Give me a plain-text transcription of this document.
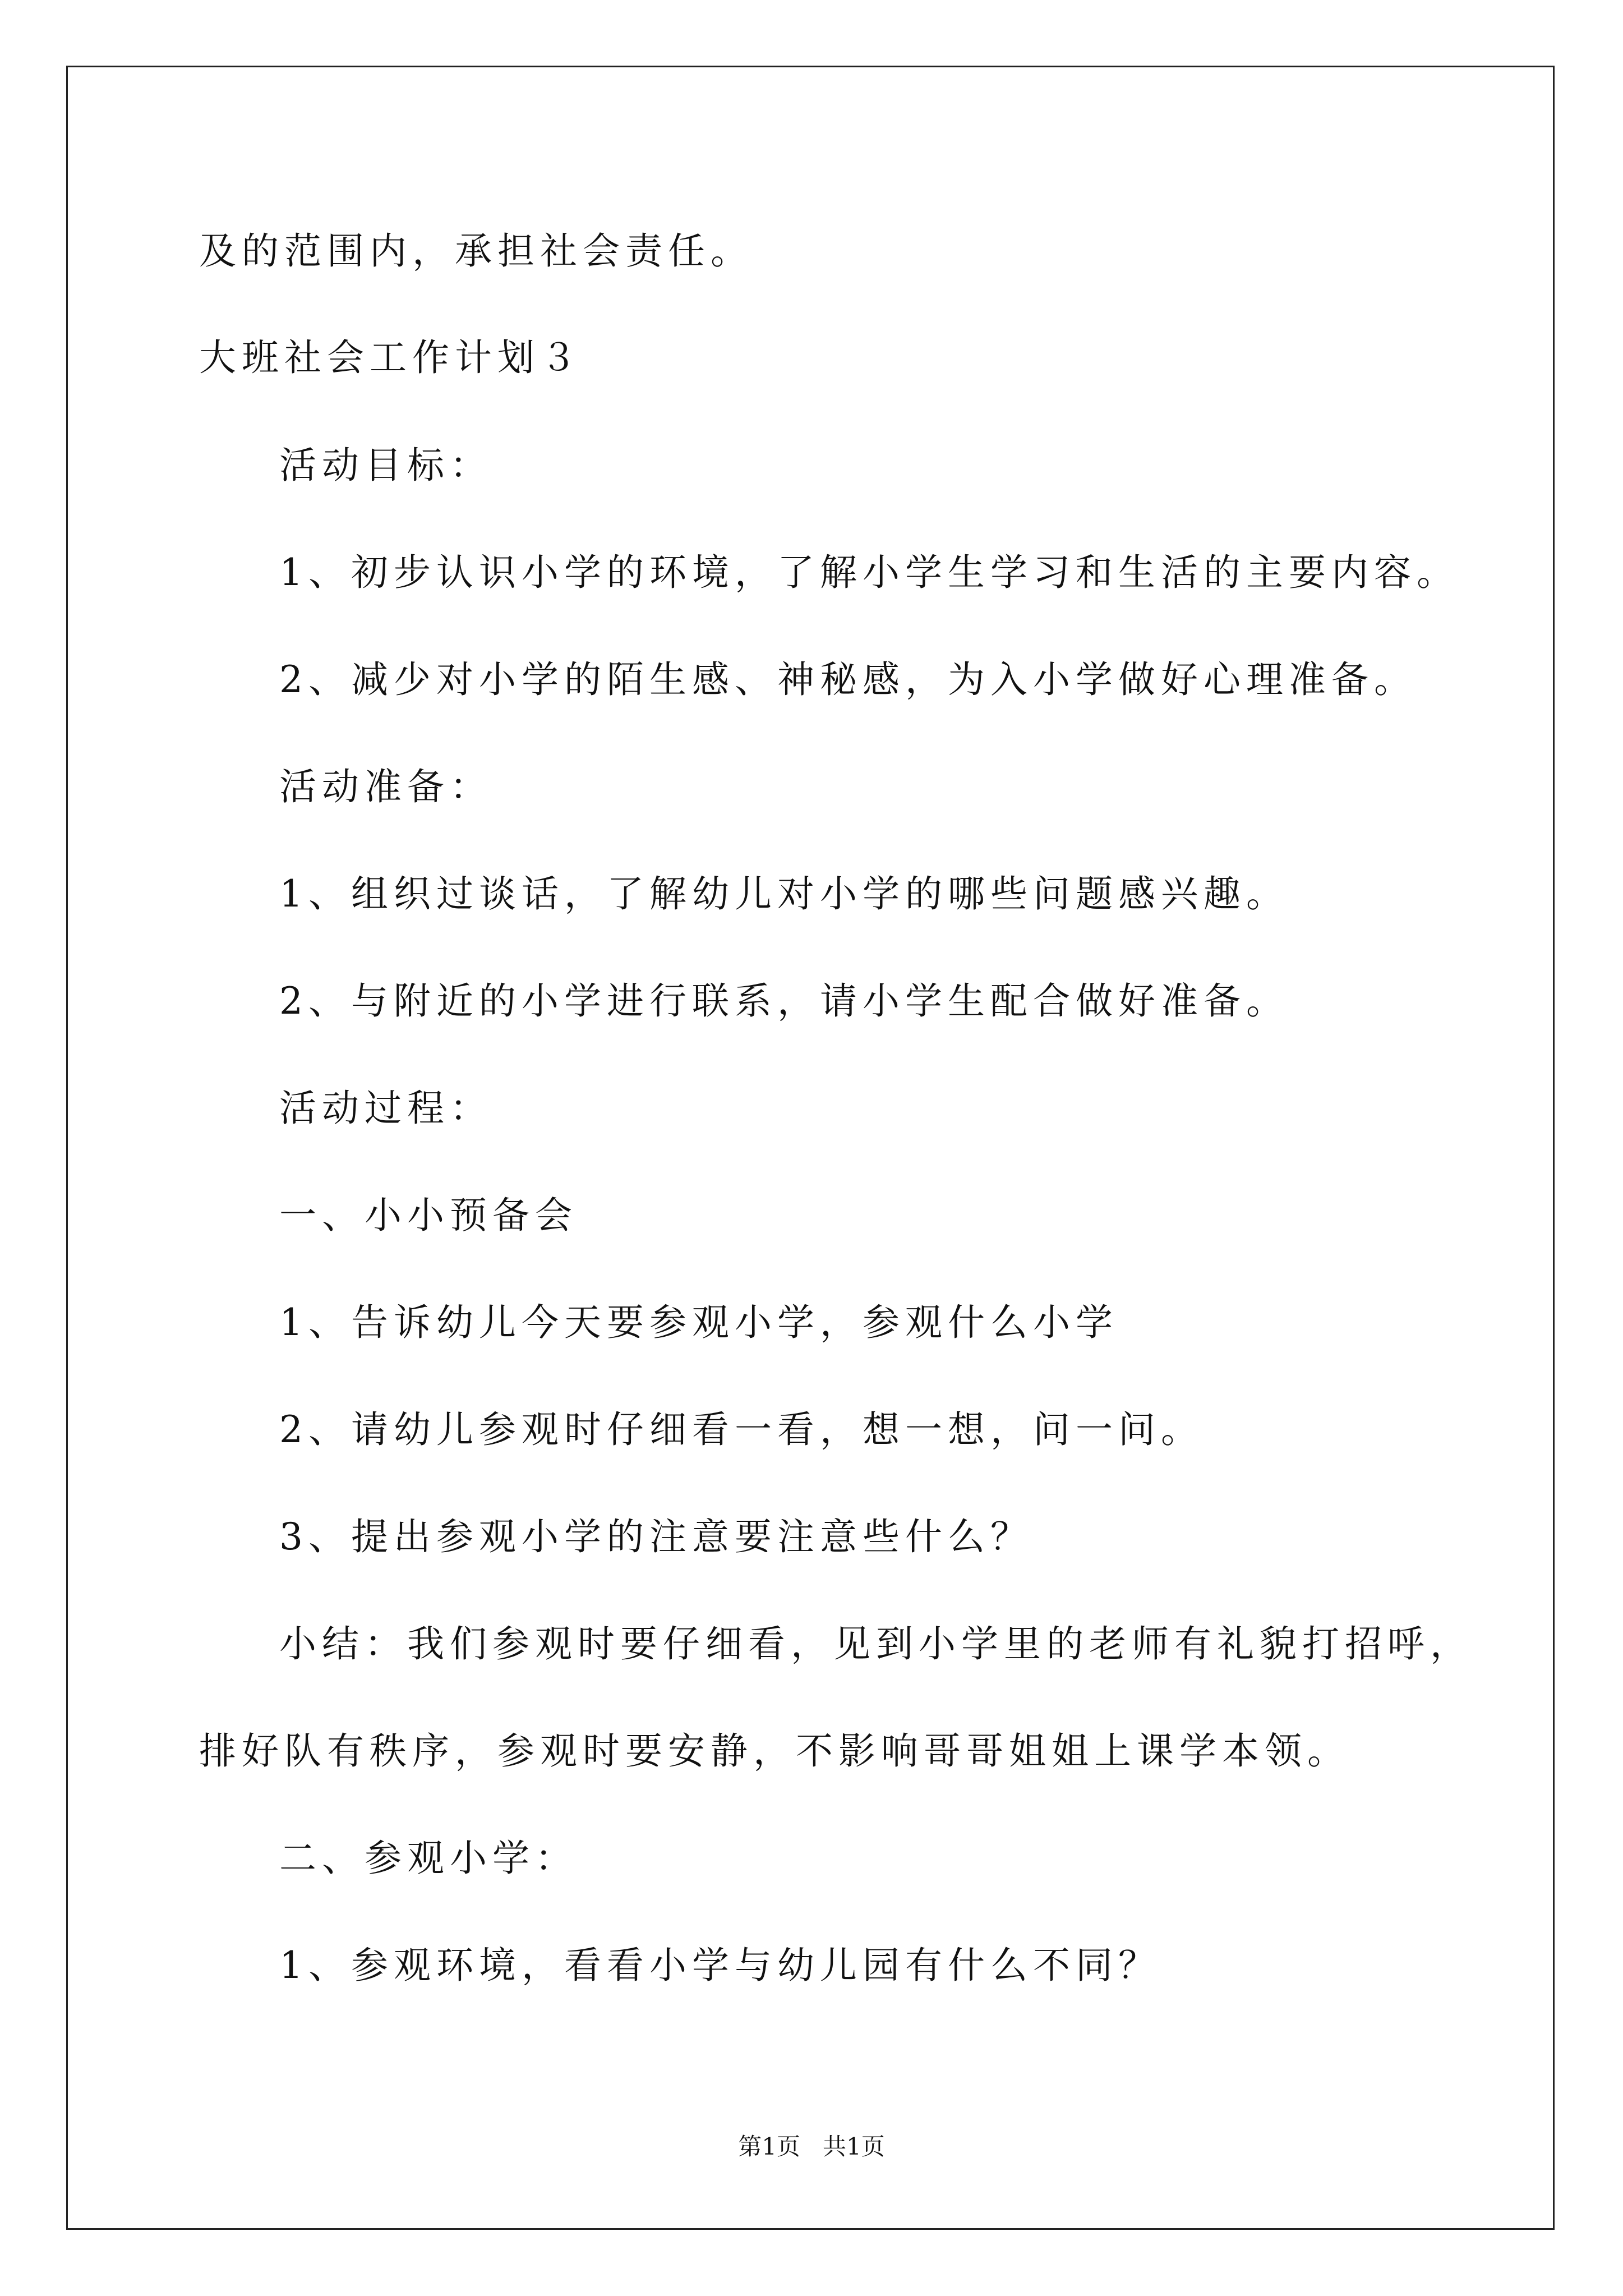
及的范围内，承担社会责任。
大班社会工作计划３
活动目标：
1、初步认识小学的环境，了解小学生学习和生活的主要内容。
2、减少对小学的陌生感、神秘感，为入小学做好心理准备。
活动准备：
1、组织过谈话，了解幼儿对小学的哪些问题感兴趣。
2、与附近的小学进行联系，请小学生配合做好准备。
活动过程：
一、小小预备会
1、告诉幼儿今天要参观小学，参观什么小学
2、请幼儿参观时仔细看一看，想一想，问一问。
3、提出参观小学的注意要注意些什么？
小结：我们参观时要仔细看，见到小学里的老师有礼貌打招呼，
排好队有秩序，参观时要安静，不影响哥哥姐姐上课学本领。
二、参观小学：
1、参观环境，看看小学与幼儿园有什么不同？
第1页   共1页
